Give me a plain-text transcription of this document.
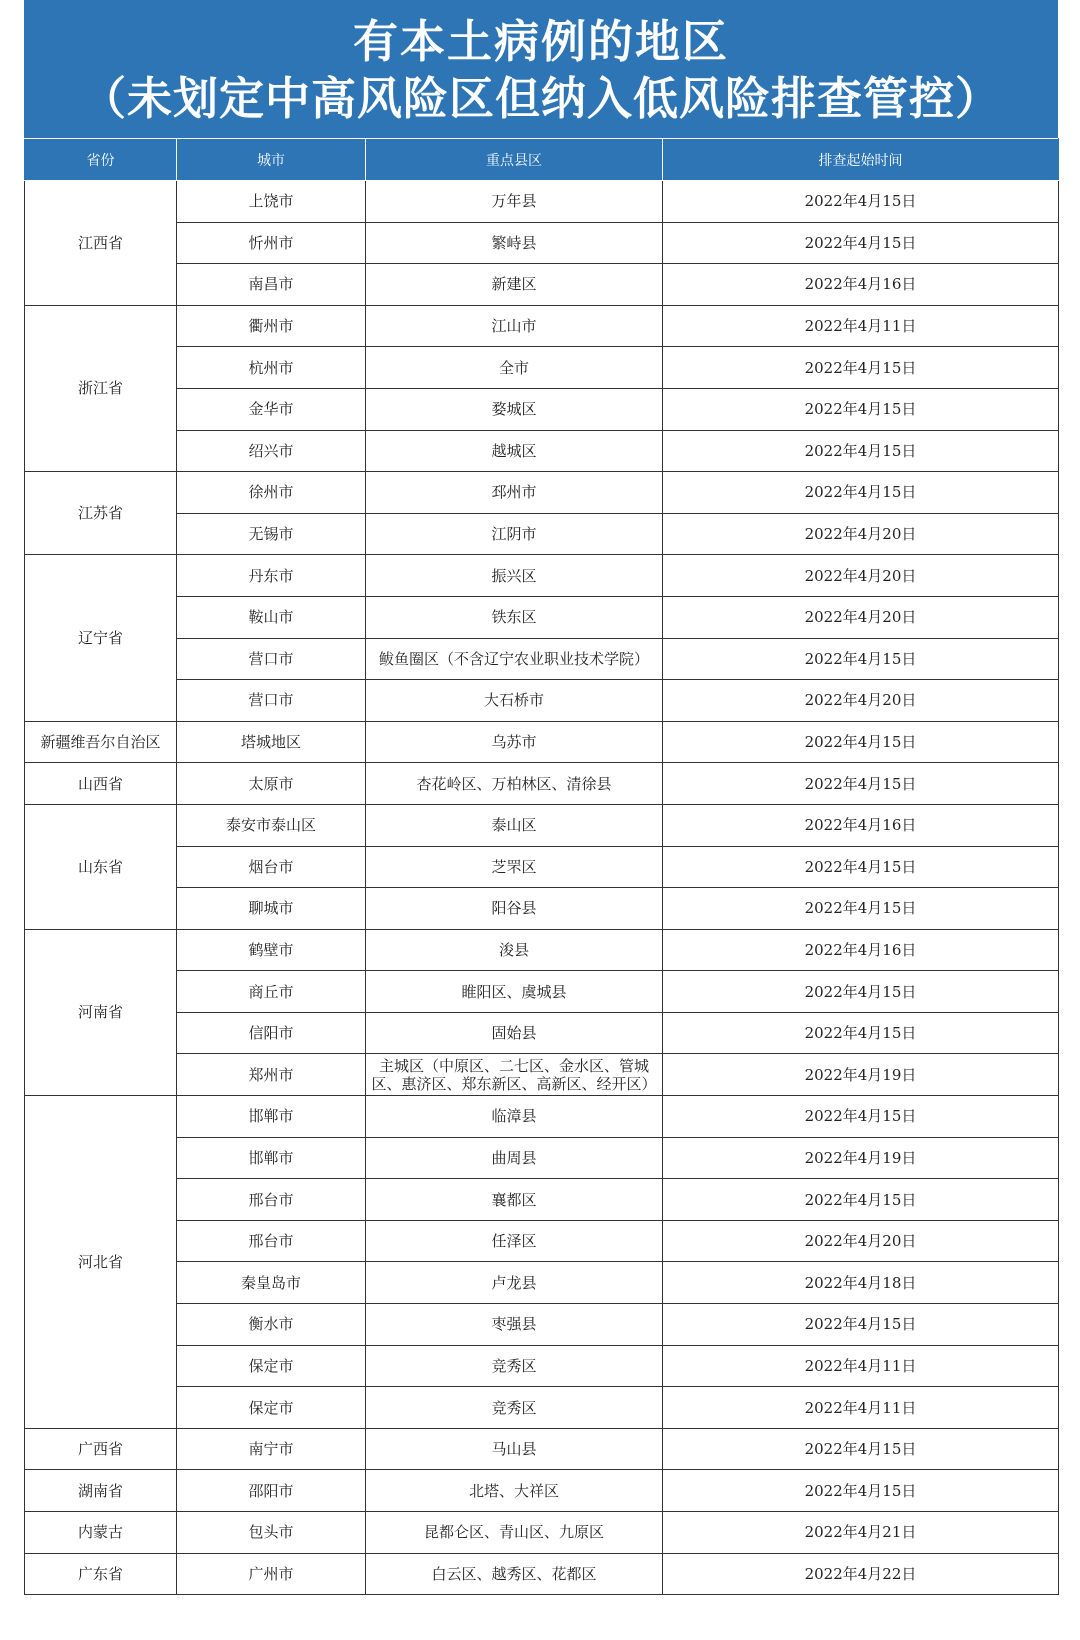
有本土病例的地区
（未划定中高风险区但纳入低风险排查管控）
省份	城市	重点县区	排查起始时间
江西省	上饶市	万年县	2022年4月15日
	忻州市	繁峙县	2022年4月15日
	南昌市	新建区	2022年4月16日
浙江省	衢州市	江山市	2022年4月11日
	杭州市	全市	2022年4月15日
	金华市	婺城区	2022年4月15日
	绍兴市	越城区	2022年4月15日
江苏省	徐州市	邳州市	2022年4月15日
	无锡市	江阴市	2022年4月20日
辽宁省	丹东市	振兴区	2022年4月20日
	鞍山市	铁东区	2022年4月20日
	营口市	鲅鱼圈区（不含辽宁农业职业技术学院）	2022年4月15日
	营口市	大石桥市	2022年4月20日
新疆维吾尔自治区	塔城地区	乌苏市	2022年4月15日
山西省	太原市	杏花岭区、万柏林区、清徐县	2022年4月15日
山东省	泰安市泰山区	泰山区	2022年4月16日
	烟台市	芝罘区	2022年4月15日
	聊城市	阳谷县	2022年4月15日
河南省	鹤壁市	浚县	2022年4月16日
	商丘市	睢阳区、虞城县	2022年4月15日
	信阳市	固始县	2022年4月15日
	郑州市	主城区（中原区、二七区、金水区、管城区、惠济区、郑东新区、高新区、经开区）	2022年4月19日
河北省	邯郸市	临漳县	2022年4月15日
	邯郸市	曲周县	2022年4月19日
	邢台市	襄都区	2022年4月15日
	邢台市	任泽区	2022年4月20日
	秦皇岛市	卢龙县	2022年4月18日
	衡水市	枣强县	2022年4月15日
	保定市	竞秀区	2022年4月11日
	保定市	竞秀区	2022年4月11日
广西省	南宁市	马山县	2022年4月15日
湖南省	邵阳市	北塔、大祥区	2022年4月15日
内蒙古	包头市	昆都仑区、青山区、九原区	2022年4月21日
广东省	广州市	白云区、越秀区、花都区	2022年4月22日
